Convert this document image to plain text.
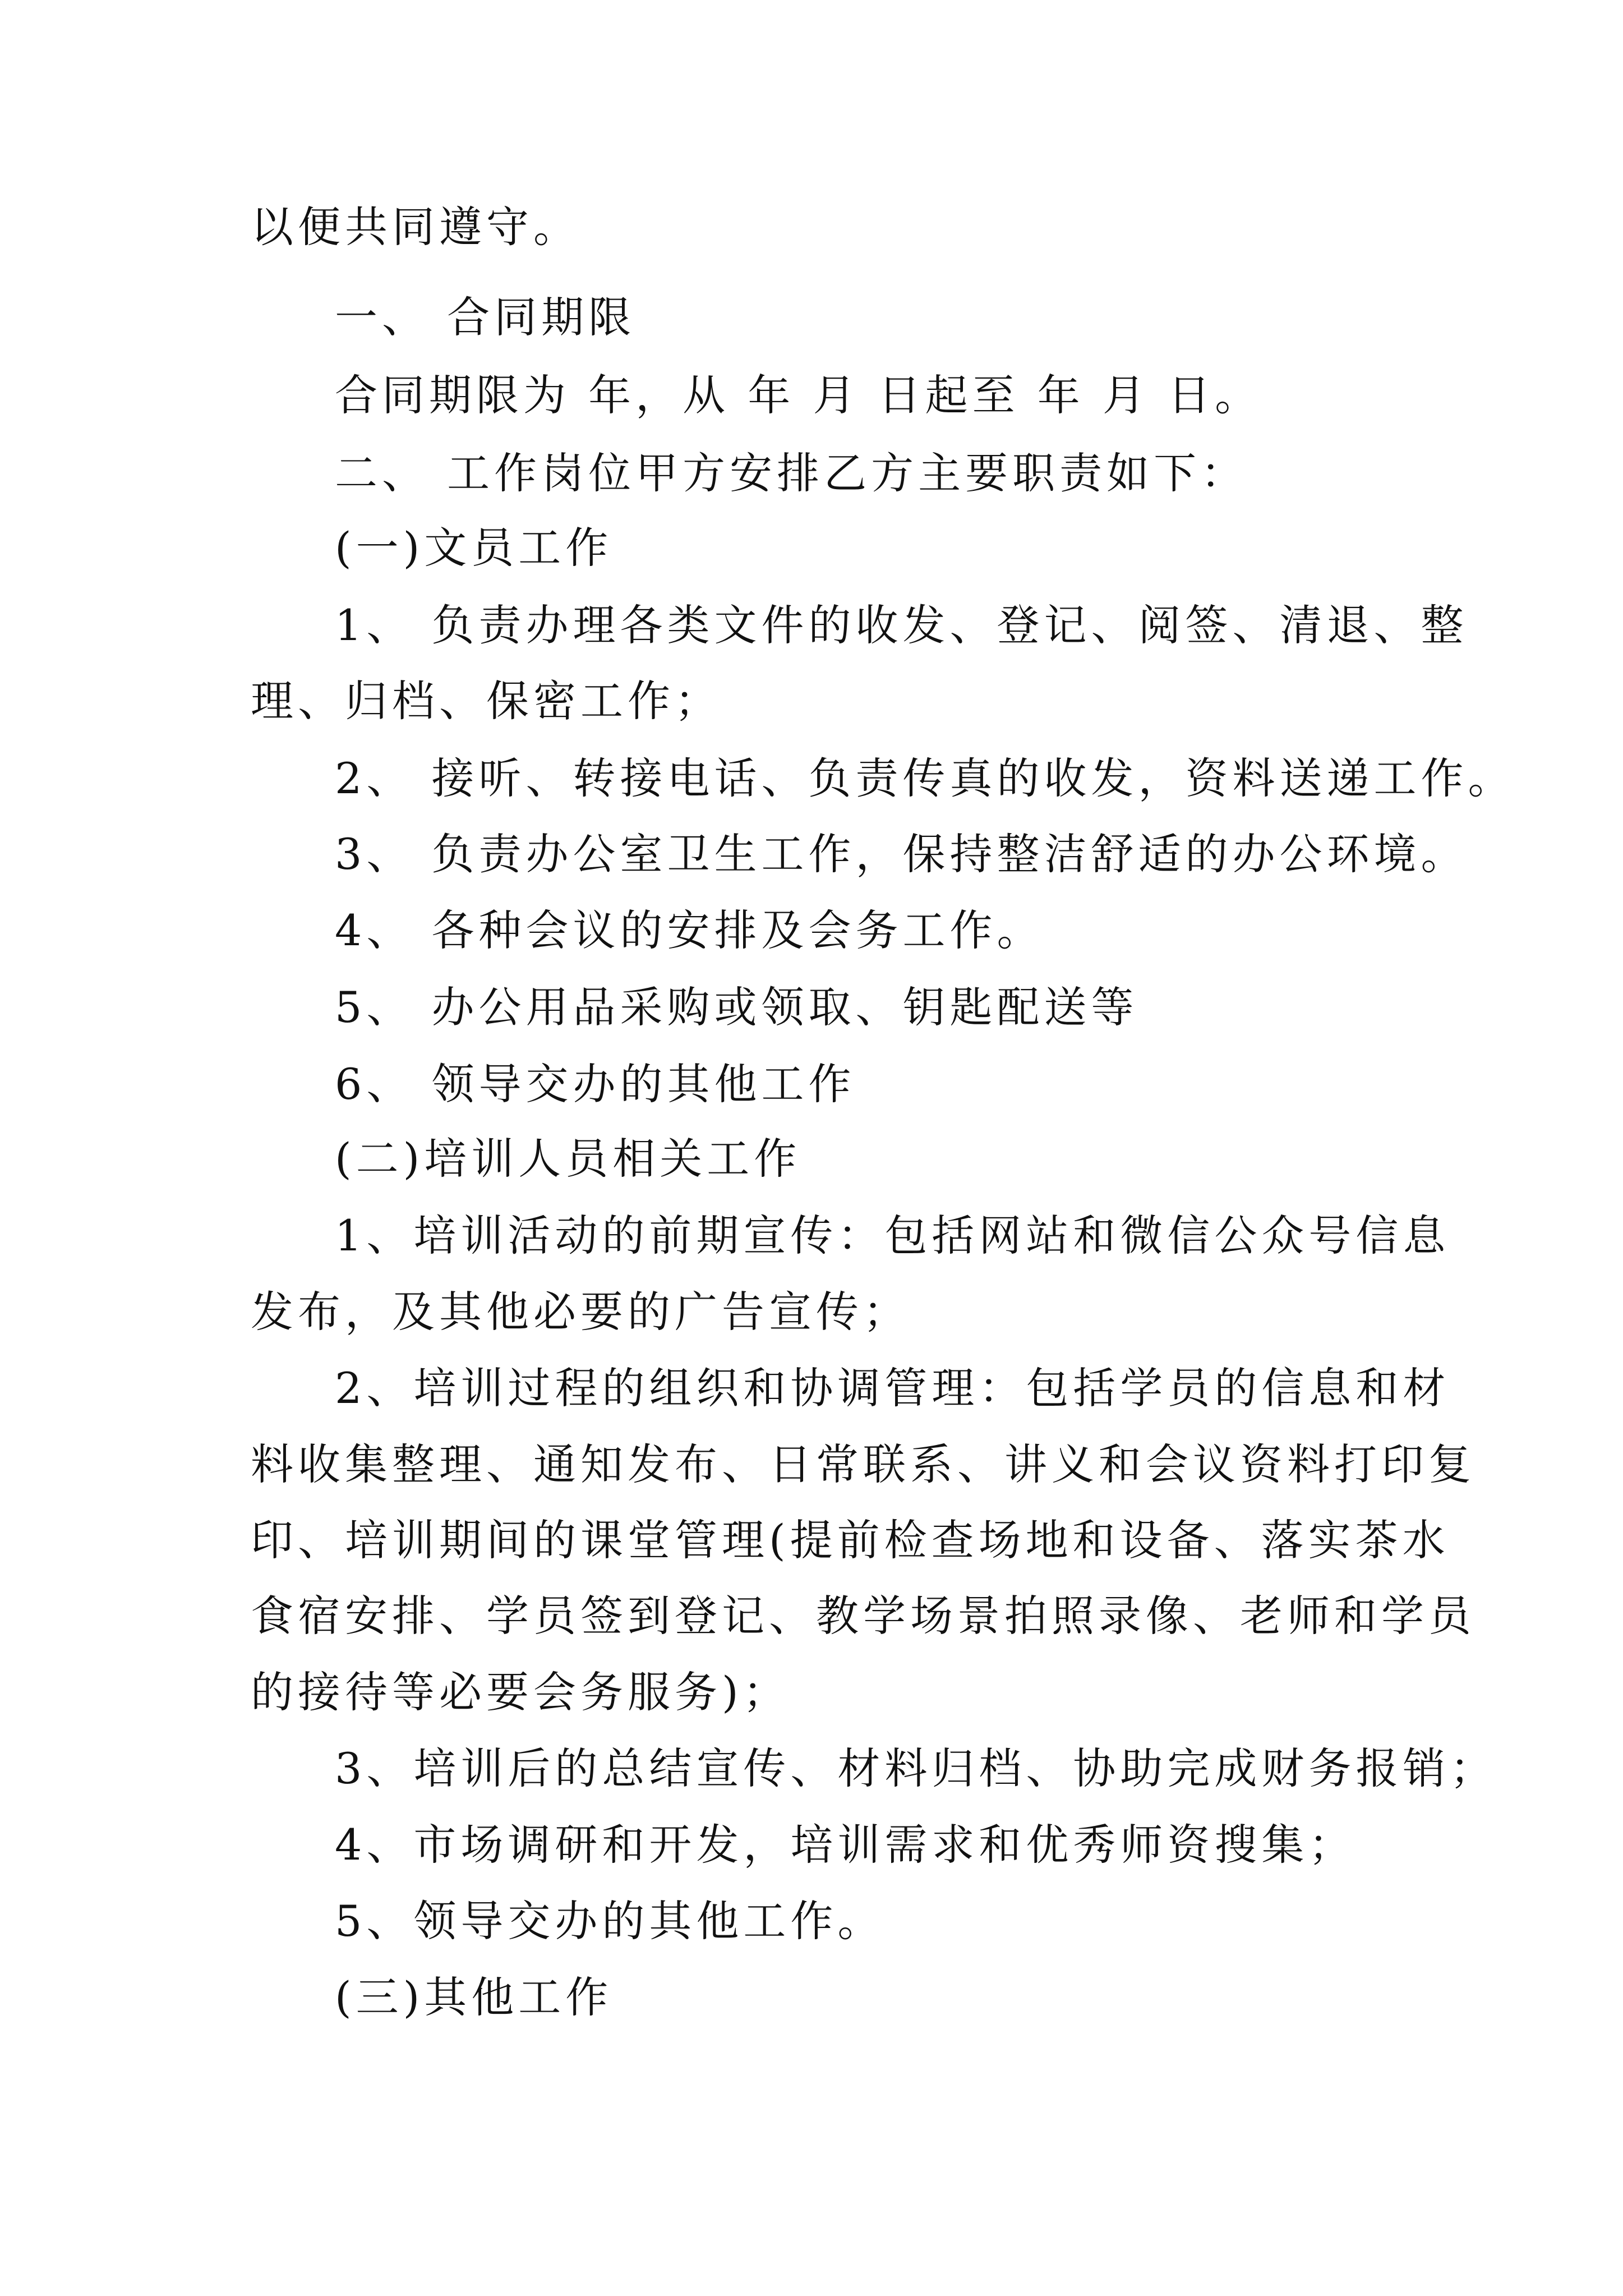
以便共同遵守。
一、 合同期限
合同期限为 年，从 年 月 日起至 年 月 日。
二、 工作岗位甲方安排乙方主要职责如下：
(一)文员工作
1、 负责办理各类文件的收发、登记、阅签、清退、整
理、归档、保密工作；
2、 接听、转接电话、负责传真的收发，资料送递工作。
3、 负责办公室卫生工作，保持整洁舒适的办公环境。
4、 各种会议的安排及会务工作。
5、 办公用品采购或领取、钥匙配送等
6、 领导交办的其他工作
(二)培训人员相关工作
1、培训活动的前期宣传：包括网站和微信公众号信息
发布，及其他必要的广告宣传；
2、培训过程的组织和协调管理：包括学员的信息和材
料收集整理、通知发布、日常联系、讲义和会议资料打印复
印、培训期间的课堂管理(提前检查场地和设备、落实茶水
食宿安排、学员签到登记、教学场景拍照录像、老师和学员
的接待等必要会务服务)；
3、培训后的总结宣传、材料归档、协助完成财务报销；
4、市场调研和开发，培训需求和优秀师资搜集；
5、领导交办的其他工作。
(三)其他工作
